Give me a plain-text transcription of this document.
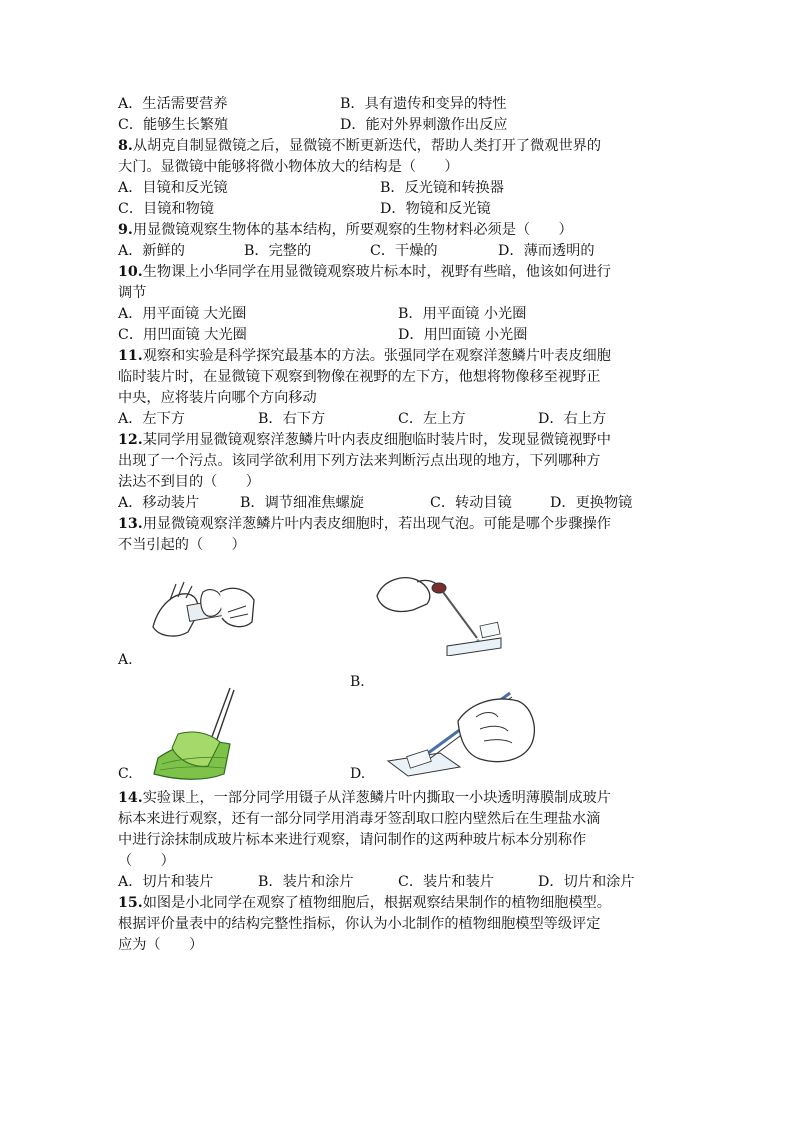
A．生活需要营养	B．具有遗传和变异的特性
C．能够生长繁殖	D．能对外界刺激作出反应
8.从胡克自制显微镜之后，显微镜不断更新迭代，帮助人类打开了微观世界的
大门。显微镜中能够将微小物体放大的结构是（　　）
A．目镜和反光镜	B．反光镜和转换器
C．目镜和物镜	D．物镜和反光镜
9.用显微镜观察生物体的基本结构，所要观察的生物材料必须是（　　）
A．新鲜的	B．完整的	C．干燥的	D．薄而透明的
10.生物课上小华同学在用显微镜观察玻片标本时，视野有些暗，他该如何进行
调节
A．用平面镜 大光圈	B．用平面镜 小光圈
C．用凹面镜 大光圈	D．用凹面镜 小光圈
11.观察和实验是科学探究最基本的方法。张强同学在观察洋葱鳞片叶表皮细胞
临时装片时，在显微镜下观察到物像在视野的左下方，他想将物像移至视野正
中央，应将装片向哪个方向移动
A．左下方	B．右下方	C．左上方	D．右上方
12.某同学用显微镜观察洋葱鳞片叶内表皮细胞临时装片时，发现显微镜视野中
出现了一个污点。该同学欲利用下列方法来判断污点出现的地方，下列哪种方
法达不到目的（　　）
A．移动装片	B．调节细准焦螺旋	C．转动目镜	D．更换物镜
13.用显微镜观察洋葱鳞片叶内表皮细胞时，若出现气泡。可能是哪个步骤操作
不当引起的（　　）
A.
B.
C.	D.
14.实验课上，一部分同学用镊子从洋葱鳞片叶内撕取一小块透明薄膜制成玻片
标本来进行观察，还有一部分同学用消毒牙签刮取口腔内壁然后在生理盐水滴
中进行涂抹制成玻片标本来进行观察，请问制作的这两种玻片标本分别称作
（　　）
A．切片和装片	B．装片和涂片	C．装片和装片	D．切片和涂片
15.如图是小北同学在观察了植物细胞后，根据观察结果制作的植物细胞模型。
根据评价量表中的结构完整性指标，你认为小北制作的植物细胞模型等级评定
应为（　　）
